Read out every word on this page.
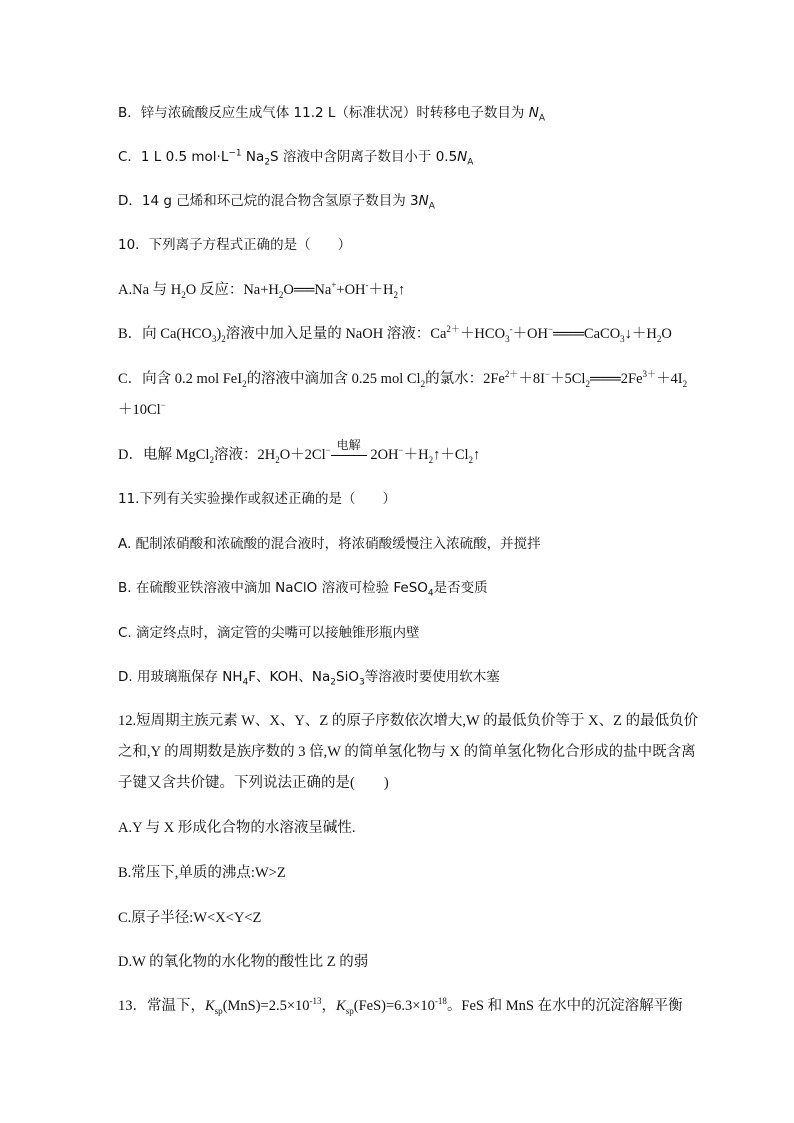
B．锌与浓硫酸反应生成气体 11.2 L（标准状况）时转移电子数目为 $N_A$
C．1 L 0.5 $mol\cdot L^{-1}$ $Na_2S$ 溶液中含阴离子数目小于 $0.5N_A$
D．14 g 己烯和环己烷的混合物含氢原子数目为 $3N_A$
10．下列离子方程式正确的是（　　）
A.Na 与 $H_2O$ 反应：$Na+H_2O══Na^++OH^-+H_2↑$
B．向 $Ca(HCO_3)_2$溶液中加入足量的 NaOH 溶液：$Ca^{2+}+HCO_3^-+OH^-═══CaCO_3↓+H_2O$
C．向含 0.2 mol FeI$_2$的溶液中滴加含 0.25 mol $Cl_2$的氯水：$2Fe^{2+}+8I^-+5Cl_2═══2Fe^{3+}+4I_2$
＋10Cl−
D．电解 MgCl$_2$溶液：$2H_2O+2Cl^-$ 电解
$2OH^-+H_2↑+Cl_2↑$
11.下列有关实验操作或叙述正确的是（　　）
A. 配制浓硝酸和浓硫酸的混合液时，将浓硝酸缓慢注入浓硫酸，并搅拌
B. 在硫酸亚铁溶液中滴加 NaClO 溶液可检验 FeSO$_4$是否变质
C. 滴定终点时，滴定管的尖嘴可以接触锥形瓶内壁
D. 用玻璃瓶保存 $NH_4F$、KOH、$Na_2SiO_3$等溶液时要使用软木塞
12.短周期主族元素 W、X、Y、Z 的原子序数依次增大,W 的最低负价等于 X、Z 的最低负价
之和,Y 的周期数是族序数的 3 倍,W 的简单氢化物与 X 的简单氢化物化合形成的盐中既含离
子键又含共价键。下列说法正确的是(　　)
A.Y 与 X 形成化合物的水溶液呈碱性.
B.常压下,单质的沸点:W>Z
C.原子半径:W<X<Y<Z
D.W 的氧化物的水化物的酸性比 Z 的弱
13．常温下，$K_{sp}(MnS)=2.5\times 10^{-13}$，$K_{sp}(FeS)=6.3\times 10^{-18}$。FeS 和 MnS 在水中的沉淀溶解平衡
